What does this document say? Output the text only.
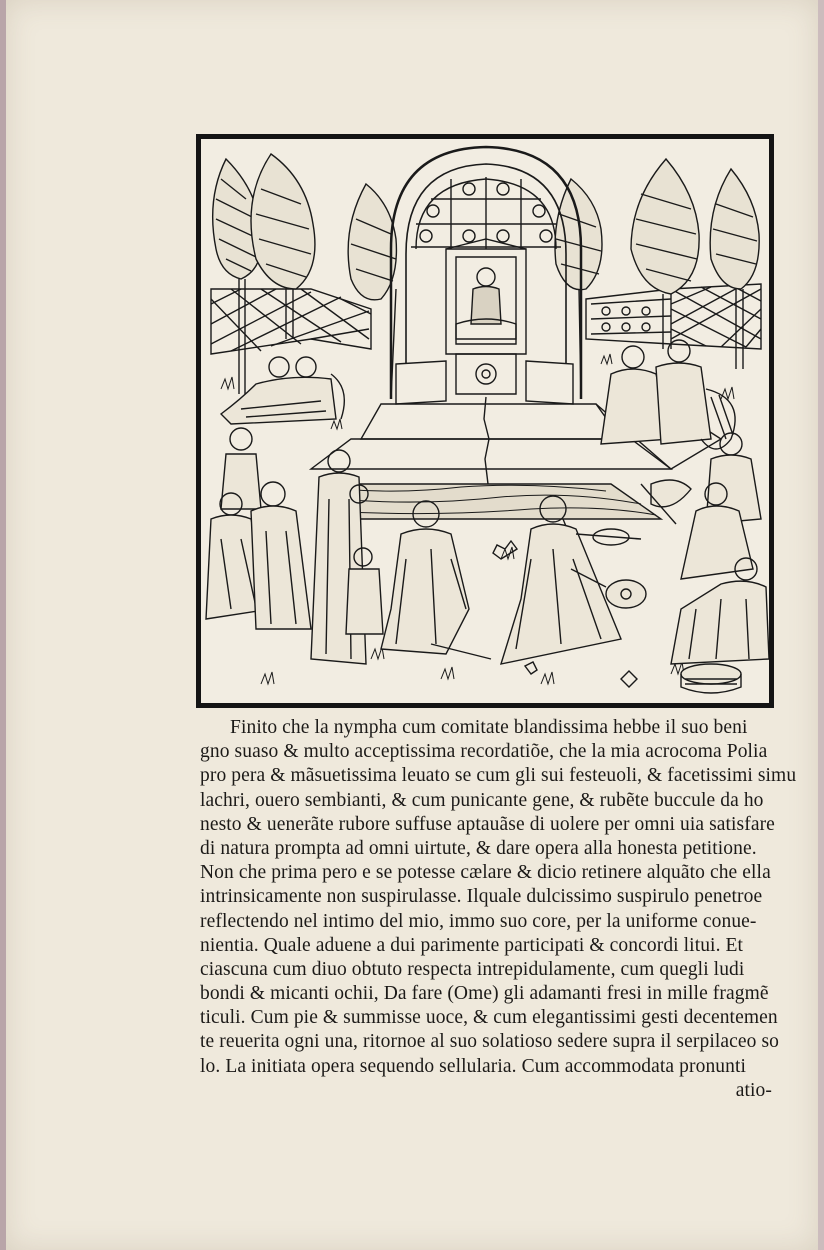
Finito che la nympha cum comitate blandissima hebbe il suo beni
gno suaso & multo acceptissima recordatiõe, che la mia acrocoma Polia
pro pera & mãsuetissima leuato se cum gli sui festeuoli, & facetissimi simu
lachri, ouero sembianti, & cum punicante gene, & rubẽte buccule da ho
nesto & uenerãte rubore suffuse aptauãse di uolere per omni uia satisfare
di natura prompta ad omni uirtute, & dare opera alla honesta petitione.
Non che prima pero e se potesse cælare & dicio retinere alquãto che ella
intrinsicamente non suspirulasse. Ilquale dulcissimo suspirulo penetroe
reflectendo nel intimo del mio, immo suo core, per la uniforme conue-
nientia. Quale aduene a dui parimente participati & concordi litui. Et
ciascuna cum diuo obtuto respecta intrepidulamente, cum quegli ludi
bondi & micanti ochii, Da fare (Ome) gli adamanti fresi in mille fragmẽ
ticuli. Cum pie & summisse uoce, & cum elegantissimi gesti decentemen
te reuerita ogni una, ritornoe al suo solatioso sedere supra il serpilaceo so
lo. La initiata opera sequendo sellularia. Cum accommodata pronunti
atio-
